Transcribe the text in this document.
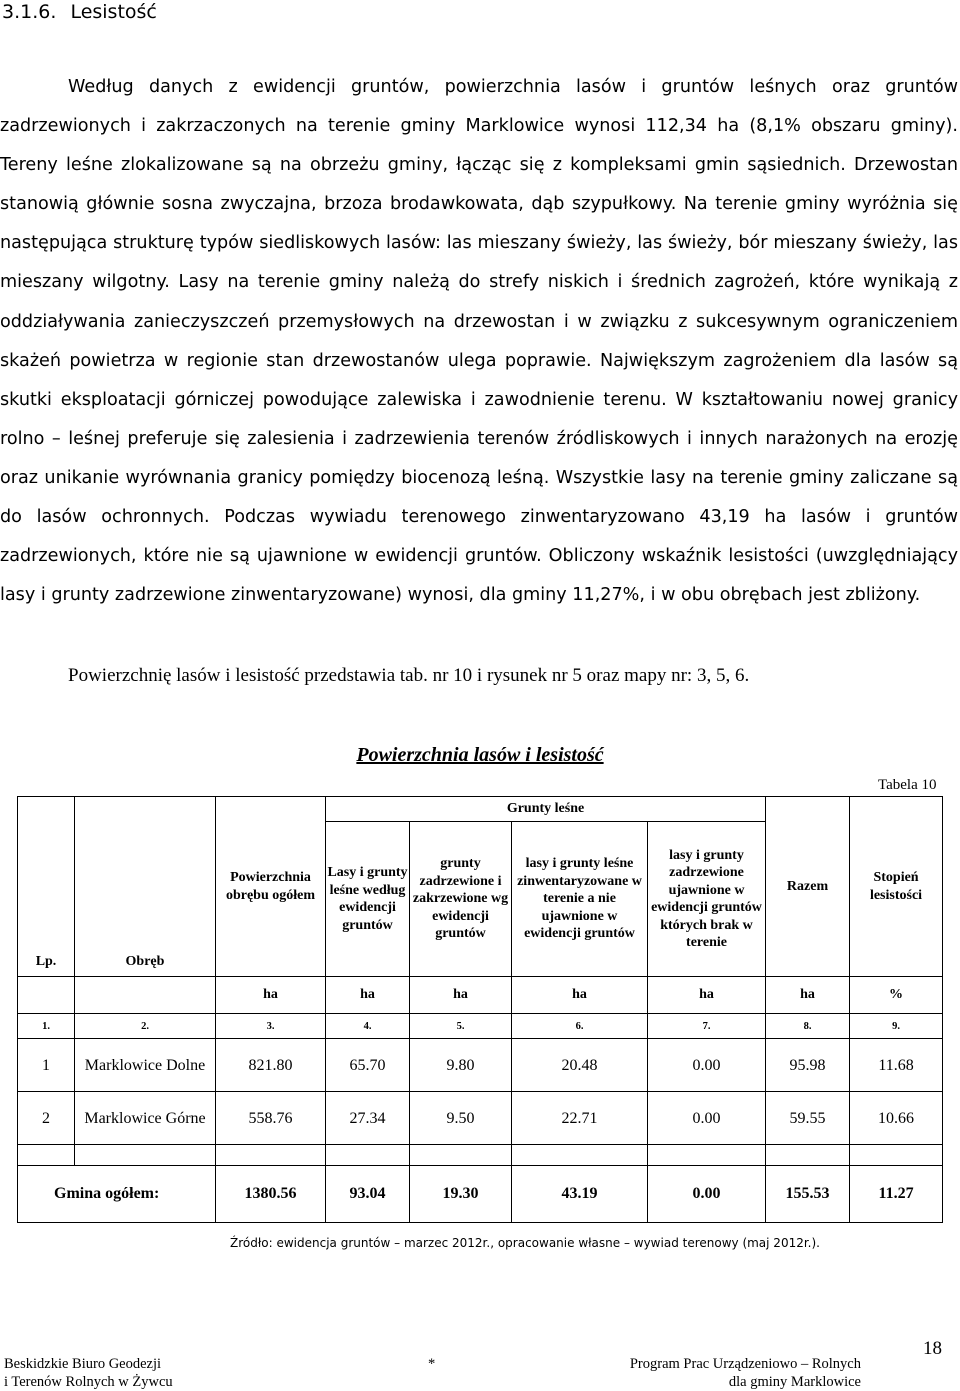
3.1.6. Lesistość
Według danych z ewidencji gruntów, powierzchnia lasów i gruntów leśnych oraz gruntów zadrzewionych i zakrzaczonych na terenie gminy Marklowice wynosi 112,34 ha (8,1% obszaru gminy). Tereny leśne zlokalizowane są na obrzeżu gminy, łącząc się z kompleksami gmin sąsiednich. Drzewostan stanowią głównie sosna zwyczajna, brzoza brodawkowata, dąb szypułkowy. Na terenie gminy wyróżnia się następująca strukturę typów siedliskowych lasów: las mieszany świeży, las świeży, bór mieszany świeży, las mieszany wilgotny. Lasy na terenie gminy należą do strefy niskich i średnich zagrożeń, które wynikają z oddziaływania zanieczyszczeń przemysłowych na drzewostan i w związku z sukcesywnym ograniczeniem skażeń powietrza w regionie stan drzewostanów ulega poprawie. Największym zagrożeniem dla lasów są skutki eksploatacji górniczej powodujące zalewiska i zawodnienie terenu. W kształtowaniu nowej granicy rolno – leśnej preferuje się zalesienia i zadrzewienia terenów źródliskowych i innych narażonych na erozję oraz unikanie wyrównania granicy pomiędzy biocenozą leśną. Wszystkie lasy na terenie gminy zaliczane są do lasów ochronnych. Podczas wywiadu terenowego zinwentaryzowano 43,19 ha lasów i gruntów zadrzewionych, które nie są ujawnione w ewidencji gruntów. Obliczony wskaźnik lesistości (uwzględniający lasy i grunty zadrzewione zinwentaryzowane) wynosi, dla gminy 11,27%, i w obu obrębach jest zbliżony.
Powierzchnię lasów i lesistość przedstawia tab. nr 10 i rysunek nr 5 oraz mapy nr: 3, 5, 6.
Powierzchnia lasów i lesistość
Tabela 10
Lp.	Obręb	Powierzchnia obrębu ogółem	Grunty leśne				Razem	Stopień lesistości
			Lasy i grunty leśne według ewidencji gruntów	grunty zadrzewione i zakrzewione wg ewidencji gruntów	lasy i grunty leśne zinwentaryzowane w terenie a nie ujawnione w ewidencji gruntów	lasy i grunty zadrzewione ujawnione w ewidencji gruntów których brak w terenie		
		ha	ha	ha	ha	ha	ha	%
1.	2.	3.	4.	5.	6.	7.	8.	9.
1	Marklowice Dolne	821.80	65.70	9.80	20.48	0.00	95.98	11.68
2	Marklowice Górne	558.76	27.34	9.50	22.71	0.00	59.55	10.66

Gmina ogółem:		1380.56	93.04	19.30	43.19	0.00	155.53	11.27
Źródło: ewidencja gruntów – marzec 2012r., opracowanie własne – wywiad terenowy (maj 2012r.).
Beskidzkie Biuro Geodezji
i Terenów Rolnych w Żywcu
*	Program Prac Urządzeniowo – Rolnych
dla gminy Marklowice
18
